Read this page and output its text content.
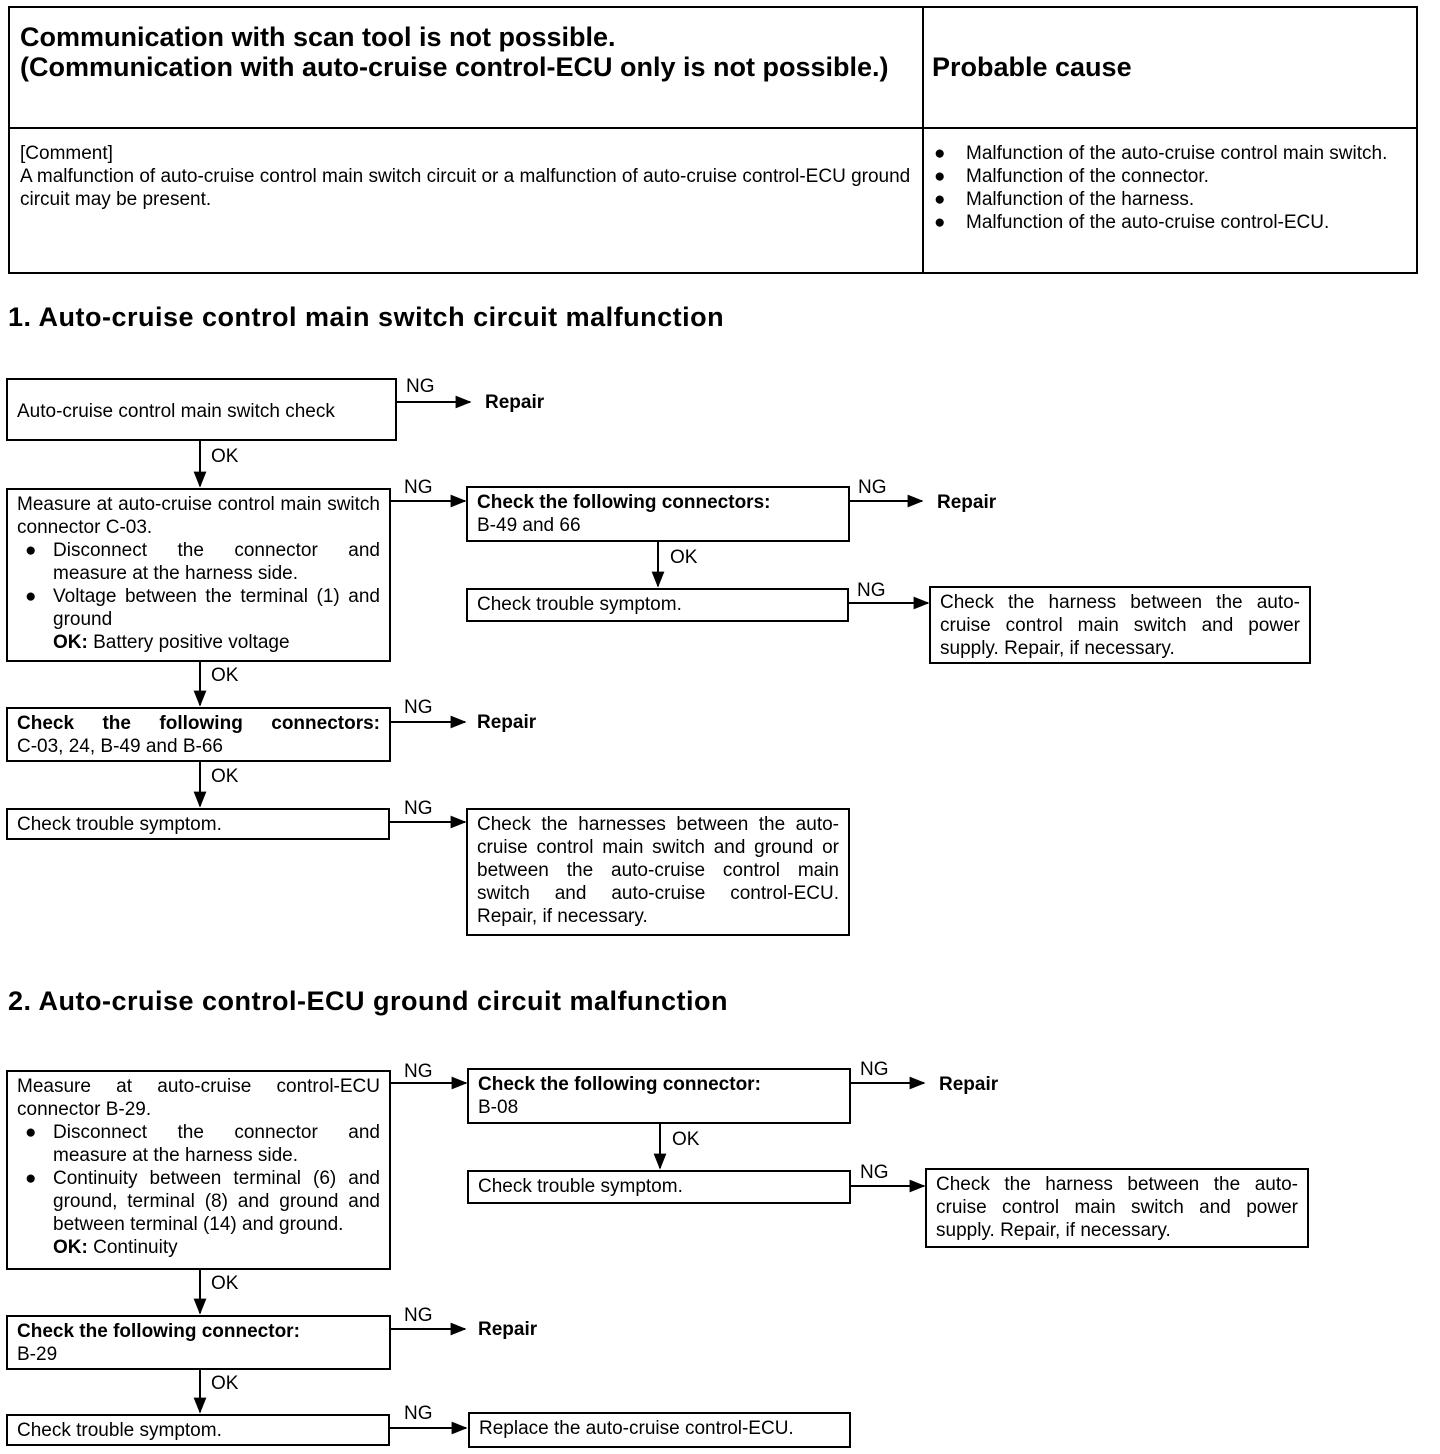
Communication with scan tool is not possible.
(Communication with auto-cruise control-ECU only is not possible.)	Probable cause
[Comment]
A malfunction of auto-cruise control main switch circuit or a malfunction of auto-cruise control-ECU ground circuit may be present.
● Malfunction of the auto-cruise control main switch.
● Malfunction of the connector.
● Malfunction of the harness.
● Malfunction of the auto-cruise control-ECU.
1. Auto-cruise control main switch circuit malfunction
Auto-cruise control main switch check
NG
Repair
OK
Measure at auto-cruise control main switch connector C-03.
● Disconnect the connector and measure at the harness side.
● Voltage between the terminal (1) and ground
OK: Battery positive voltage
NG
Check the following connectors:
B-49 and 66
NG
Repair
OK
Check trouble symptom.
NG
Check the harness between the auto-cruise control main switch and power supply. Repair, if necessary.
OK
Check the following connectors:
C-03, 24, B-49 and B-66
NG
Repair
OK
Check trouble symptom.
NG
Check the harnesses between the auto-cruise control main switch and ground or between the auto-cruise control main switch and auto-cruise control-ECU. Repair, if necessary.
2. Auto-cruise control-ECU ground circuit malfunction
Measure at auto-cruise control-ECU connector B-29.
● Disconnect the connector and measure at the harness side.
● Continuity between terminal (6) and ground, terminal (8) and ground and between terminal (14) and ground.
OK: Continuity
NG
Check the following connector:
B-08
NG
Repair
OK
Check trouble symptom.
NG
Check the harness between the auto-cruise control main switch and power supply. Repair, if necessary.
OK
Check the following connector:
B-29
NG
Repair
OK
Check trouble symptom.
NG
Replace the auto-cruise control-ECU.
